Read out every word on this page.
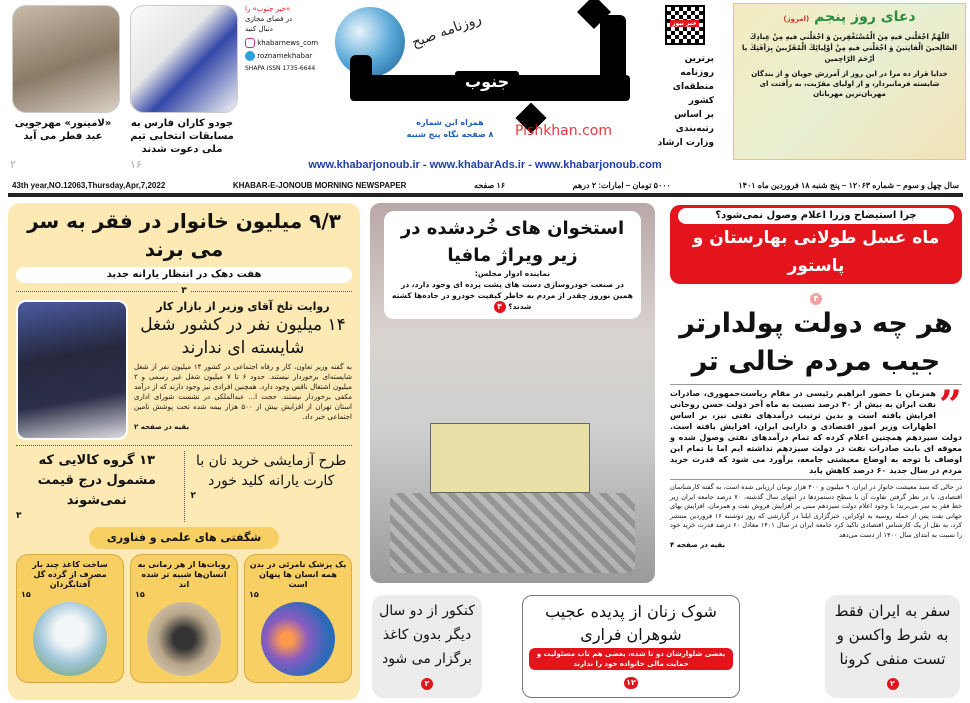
«لامینور» مهرجویی عید فطر می آید
۲
جودو کاران فارس به مسابقات انتخابی تیم ملی دعوت شدند
۱۶
«خبر جنوب» را
در فضای مجازی
دنبال کنید
khabarnews_com
roznamekhabar
SHAPA ISSN 1735-6644
روزنامه صبح
جنوب
همراه این شماره
۸ صفحه نگاه پنج شنبه	Pishkhan.com
خبر نیوز
برترین روزنامه
منطقه‌ای کشور
بر اساس
رتبه‌بندی
وزارت ارشاد
دعای روز پنجم (امروز)
اللّهُمَّ اجْعَلْني فيهِ مِنَ الْمُسْتَغْفِرينَ وَ اجْعَلْني فيهِ مِنْ عِبادِكَ الصّالِحينَ الْقانِتينَ وَ اجْعَلْني فيهِ مِنْ أوْلِيائِكَ الْمُقَرَّبينَ بِرَأفَتِكَ يا أرْحَمَ الرّاحِمين
خدایا قرار ده مرا در این روز از آمرزش جویان و از بندگان شایسته فرمانبردار، و از اولیای مقرّبت، به رأفتت ای مهربان‌ترین مهربانان
www.khabarjonoub.ir - www.khabarAds.ir - www.khabarjonoub.com
43th year,NO.12063,Thursday,Apr,7,2022	KHABAR-E-JONOUB MORNING NEWSPAPER	۱۶ صفحه	۵۰۰۰ تومان – امارات: ۲ درهم	سال چهل و سوم – شماره ۱۲۰۶۳ – پنج شنبه ۱۸ فروردین ماه ۱۴۰۱
۹/۳ میلیون خانوار در فقر به سر می برند
هفت دهک در انتظار یارانه جدید
۳
روایت تلخ آقای وزیر از بازار کار
۱۴ میلیون نفر در کشور شغل شایسته ای ندارند
به گفته وزیر تعاون، کار و رفاه اجتماعی در کشور ۱۴ میلیون نفر از شغل شایسته‌ای برخوردار نیستند. حدود ۶ تا ۷ میلیون شغل غیر رسمی و ۲ میلیون اشتغال ناقص وجود دارد. همچنین افرادی نیز وجود دارند که از درآمد مکفی برخوردار نیستند. حجت ا... عبدالملکی در نشست شورای اداری استان تهران از افزایش بیش از ۵۰۰ هزار بیمه شده تحت پوشش تامین اجتماعی خبر داد.
بقیه در صفحه ۲
۱۳ گروه کالایی که مشمول درج قیمت نمی‌شوند
۳
طرح آزمایشی خرید نان با کارت یارانه کلید خورد
۲
شگفتی های علمی و فناوری
ساخت کاغذ چند بار مصرف از گرده گل آفتابگردان
۱۵
روبات‌ها از هر زمانی به انسان‌ها شبیه تر شده اند
۱۵
یک پزشک نامرئی در بدن همه انسان ها پنهان است
۱۵
استخوان های خُردشده در زیر ویراژ مافیا
نماینده ادوار مجلس:
در صنعت خودروسازی دست های پشت پرده ای وجود دارد، در همین نوروز چقدر از مردم به خاطر کیفیت خودرو در جاده‌ها کشته شدند؟ ۴
چرا استیضاح وزرا اعلام وصول نمی‌شود؟
ماه عسل طولانی بهارستان و پاستور
۴
هر چه دولت پولدارتر جیب مردم خالی تر
”
همزمان با حضور ابراهیم رئیسی در مقام ریاست‌جمهوری، صادرات نفت ایران به بیش از ۴۰ درصد نسبت به ماه آخر دولت حسن روحانی افزایش یافته است و بدین ترتیب درآمدهای نفتی نیز، بر اساس اظهارات وزیر امور اقتصادی و دارایی ایران، افزایش یافته است. دولت سیزدهم همچنین اعلام کرده که تمام درآمدهای نفتی وصول شده و معوقه ای بابت صادرات نفت در دولت سیزدهم نداشته ایم اما با تمام این اوصاف با توجه به اوضاع معیشتی جامعه، برآورد می شود که قدرت خرید مردم در سال جدید ۶۰ درصد کاهش یابد
در حالی که سبد معیشت خانوار در ایران، ۹ میلیون و ۴۰۰ هزار تومان ارزیابی شده است، به گفته کارشناسان اقتصادی، با در نظر گرفتن تفاوت آن با سطح دستمزدها در انتهای سال گذشته، ۷۰ درصد جامعه ایران زیر خط فقر به سر می‌برند؛ با وجود اعلام دولت سیزدهم مبنی بر افزایش فروش نفت و همزمان، افزایش بهای جهانی نفت پس از حمله روسیه به اوکراین، خبرگزاری ایلنا در گزارشی که روز دوشنبه ۱۶ فروردین منتشر کرد، به نقل از یک کارشناس اقتصادی تاکید کرد جامعه ایران در سال ۱۴۰۱ معادل ۶۰ درصد قدرت خرید خود را نسبت به ابتدای سال ۱۴۰۰ از دست می‌دهد
بقیه در صفحه ۴
سفر به ایران فقط به شرط واکسن و تست منفی کرونا
۲
شوک زنان از پدیده عجیب شوهران فراری
بعضی شلوارشان دو تا شده، بعضی هم تاب مسئولیت و حمایت مالی خانواده خود را ندارند
۱۲
کنکور از دو سال دیگر بدون کاغذ برگزار می شود
۲
